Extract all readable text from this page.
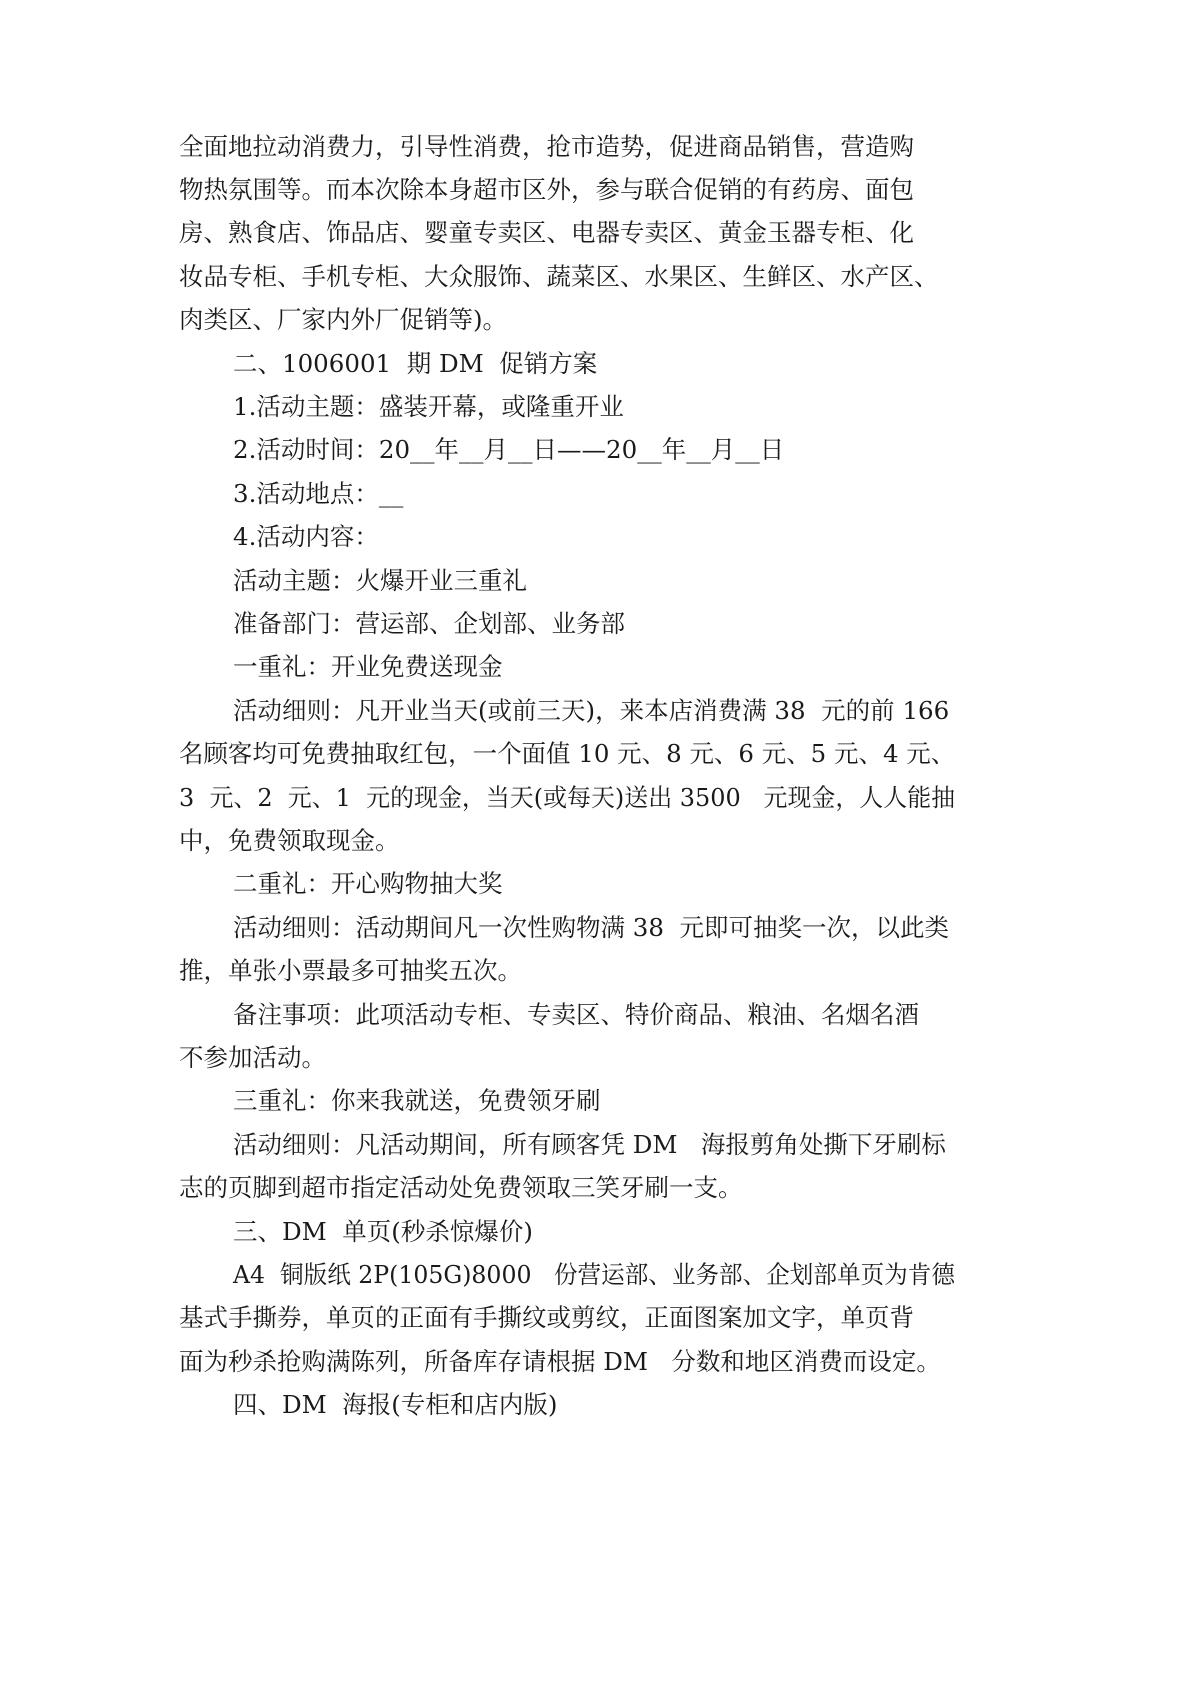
全面地拉动消费力，引导性消费，抢市造势，促进商品销售，营造购
物热氛围等。而本次除本身超市区外，参与联合促销的有药房、面包
房、熟食店、饰品店、婴童专卖区、电器专卖区、黄金玉器专柜、化
妆品专柜、手机专柜、大众服饰、蔬菜区、水果区、生鲜区、水产区、
肉类区、厂家内外厂促销等)。
二、1006001  期 DM  促销方案
1.活动主题：盛装开幕，或隆重开业
2.活动时间：20__年__月__日——20__年__月__日
3.活动地点：__
4.活动内容：
活动主题：火爆开业三重礼
准备部门：营运部、企划部、业务部
一重礼：开业免费送现金
活动细则：凡开业当天(或前三天)，来本店消费满 38  元的前 166
名顾客均可免费抽取红包，一个面值 10 元、8 元、6 元、5 元、4 元、
3  元、2  元、1  元的现金，当天(或每天)送出 3500   元现金，人人能抽
中，免费领取现金。
二重礼：开心购物抽大奖
活动细则：活动期间凡一次性购物满 38  元即可抽奖一次，以此类
推，单张小票最多可抽奖五次。
备注事项：此项活动专柜、专卖区、特价商品、粮油、名烟名酒
不参加活动。
三重礼：你来我就送，免费领牙刷
活动细则：凡活动期间，所有顾客凭 DM   海报剪角处撕下牙刷标
志的页脚到超市指定活动处免费领取三笑牙刷一支。
三、DM  单页(秒杀惊爆价)
A4  铜版纸 2P(105G)8000   份营运部、业务部、企划部单页为肯德
基式手撕券，单页的正面有手撕纹或剪纹，正面图案加文字，单页背
面为秒杀抢购满陈列，所备库存请根据 DM   分数和地区消费而设定。
四、DM  海报(专柜和店内版)
